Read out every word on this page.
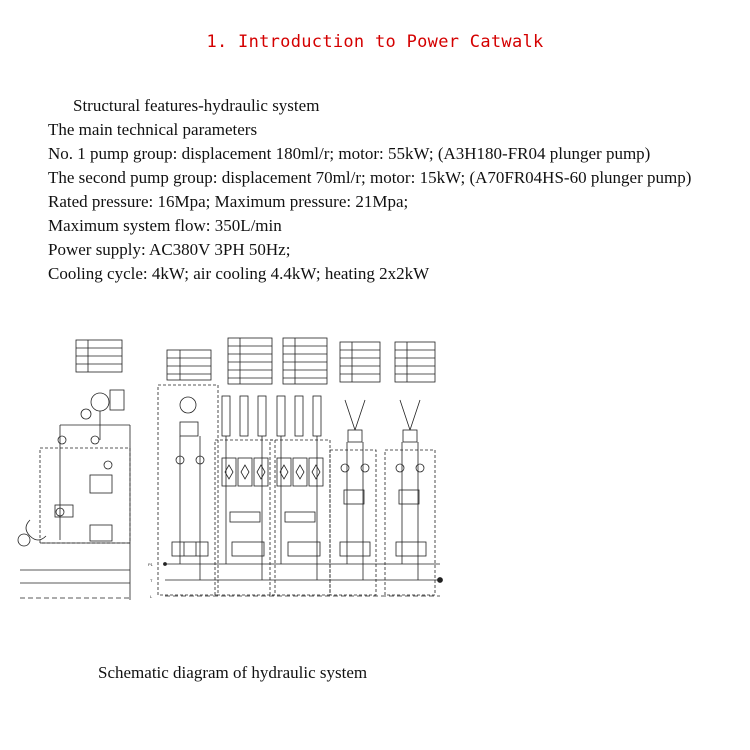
1. Introduction to Power Catwalk
Structural features-hydraulic system
The main technical parameters
No. 1 pump group: displacement 180ml/r; motor: 55kW; (A3H180-FR04 plunger pump)
The second pump group: displacement 70ml/r; motor: 15kW; (A70FR04HS-60 plunger pump)
Rated pressure: 16Mpa; Maximum pressure: 21Mpa;
Maximum system flow: 350L/min
Power supply: AC380V 3PH 50Hz;
Cooling cycle: 4kW; air cooling 4.4kW; heating 2x2kW
P1
T
L
Schematic diagram of hydraulic system
